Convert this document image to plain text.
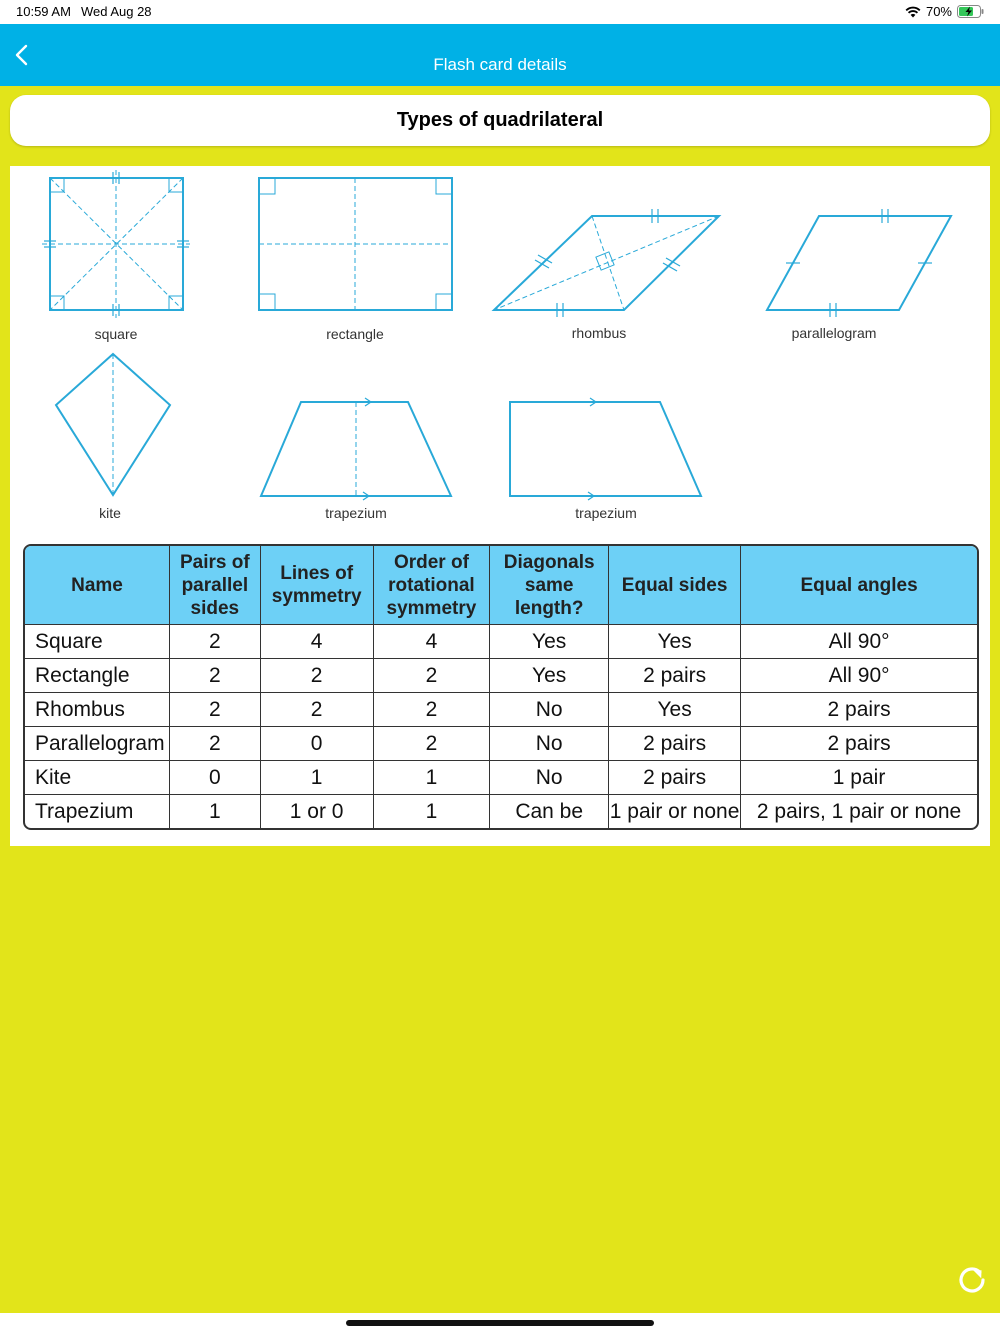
10:59 AM Wed Aug 28	70%
Flash card details
Types of quadrilateral
square	rectangle	rhombus	parallelogram
kite	trapezium	trapezium
Name	Pairs of
parallel
sides	Lines of
symmetry	Order of
rotational
symmetry	Diagonals
same
length?	Equal sides	Equal angles
Square	2	4	4	Yes	Yes	All 90°
Rectangle	2	2	2	Yes	2 pairs	All 90°
Rhombus	2	2	2	No	Yes	2 pairs
Parallelogram	2	0	2	No	2 pairs	2 pairs
Kite	0	1	1	No	2 pairs	1 pair
Trapezium	1	1 or 0	1	Can be	1 pair or none	2 pairs, 1 pair or none
